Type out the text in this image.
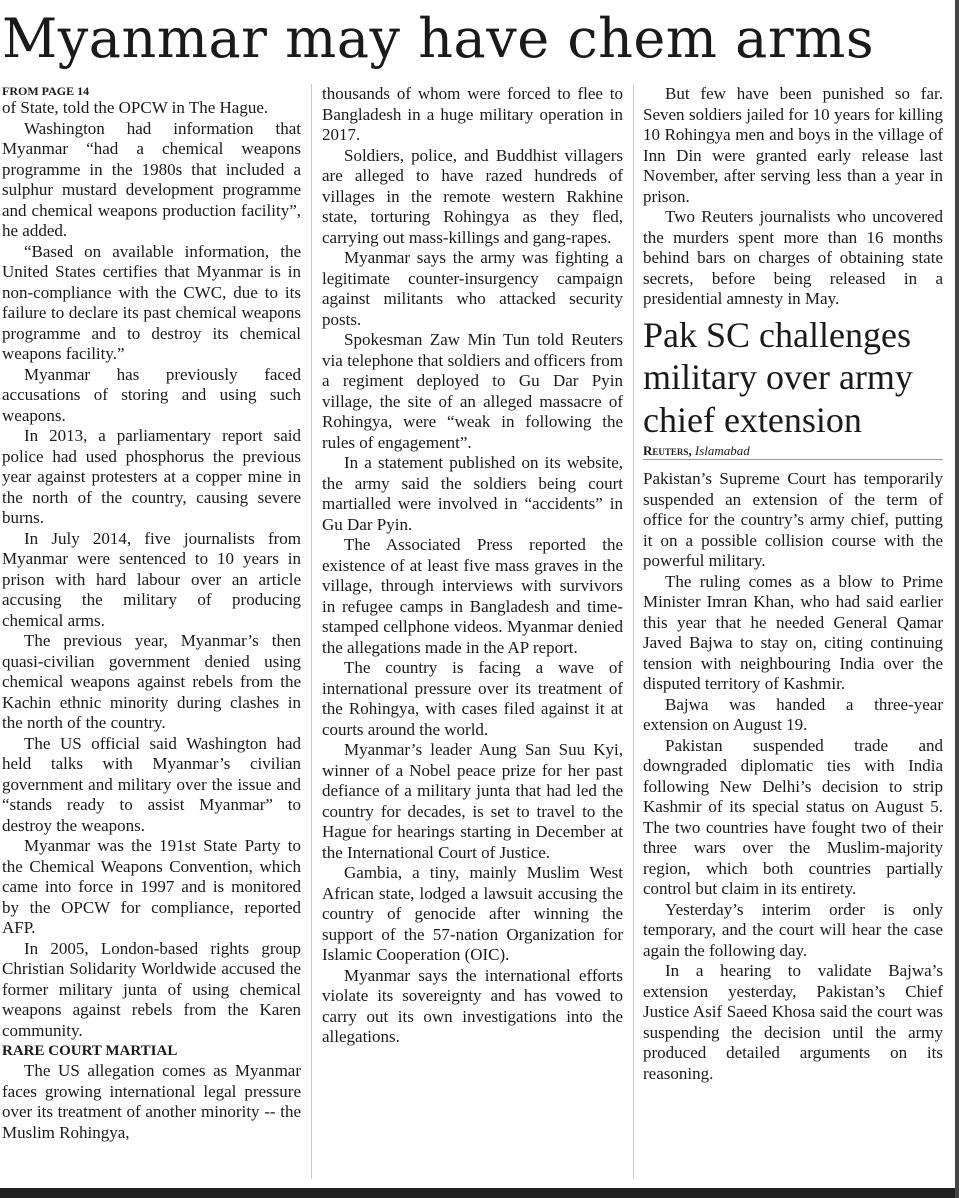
Myanmar may have chem arms

FROM PAGE 14

of State, told the OPCW in The Hague.

Washington had information that Myanmar “had a chemical weapons programme in the 1980s that included a sulphur mustard development programme and chemical weapons production facility”, he added.

“Based on available information, the United States certifies that Myanmar is in non-compliance with the CWC, due to its failure to declare its past chemical weapons programme and to destroy its chemical weapons facility.”

Myanmar has previously faced accusations of storing and using such weapons.

In 2013, a parliamentary report said police had used phosphorus the previous year against protesters at a copper mine in the north of the country, causing severe burns.

In July 2014, five journalists from Myanmar were sentenced to 10 years in prison with hard labour over an article accusing the military of producing chemical arms.

The previous year, Myanmar’s then quasi-civilian government denied using chemical weapons against rebels from the Kachin ethnic minority during clashes in the north of the country.

The US official said Washington had held talks with Myanmar’s civilian government and military over the issue and “stands ready to assist Myanmar” to destroy the weapons.

Myanmar was the 191st State Party to the Chemical Weapons Convention, which came into force in 1997 and is monitored by the OPCW for compliance, reported AFP.

In 2005, London-based rights group Christian Solidarity Worldwide accused the former military junta of using chemical weapons against rebels from the Karen community.

RARE COURT MARTIAL

The US allegation comes as Myanmar faces growing international legal pressure over its treatment of another minority -- the Muslim Rohingya,

thousands of whom were forced to flee to Bangladesh in a huge military operation in 2017.

Soldiers, police, and Buddhist villagers are alleged to have razed hundreds of villages in the remote western Rakhine state, torturing Rohingya as they fled, carrying out mass-killings and gang-rapes.

Myanmar says the army was fighting a legitimate counter-insurgency campaign against militants who attacked security posts.

Spokesman Zaw Min Tun told Reuters via telephone that soldiers and officers from a regiment deployed to Gu Dar Pyin village, the site of an alleged massacre of Rohingya, were “weak in following the rules of engagement”.

In a statement published on its website, the army said the soldiers being court martialled were involved in “accidents” in Gu Dar Pyin.

The Associated Press reported the existence of at least five mass graves in the village, through interviews with survivors in refugee camps in Bangladesh and time-stamped cellphone videos. Myanmar denied the allegations made in the AP report.

The country is facing a wave of international pressure over its treatment of the Rohingya, with cases filed against it at courts around the world.

Myanmar’s leader Aung San Suu Kyi, winner of a Nobel peace prize for her past defiance of a military junta that had led the country for decades, is set to travel to the Hague for hearings starting in December at the International Court of Justice.

Gambia, a tiny, mainly Muslim West African state, lodged a lawsuit accusing the country of genocide after winning the support of the 57-nation Organization for Islamic Cooperation (OIC).

Myanmar says the international efforts violate its sovereignty and has vowed to carry out its own investigations into the allegations.

But few have been punished so far. Seven soldiers jailed for 10 years for killing 10 Rohingya men and boys in the village of Inn Din were granted early release last November, after serving less than a year in prison.

Two Reuters journalists who uncovered the murders spent more than 16 months behind bars on charges of obtaining state secrets, before being released in a presidential amnesty in May.

Pak SC challenges military over army chief extension

Reuters, Islamabad

Pakistan’s Supreme Court has temporarily suspended an extension of the term of office for the country’s army chief, putting it on a possible collision course with the powerful military.

The ruling comes as a blow to Prime Minister Imran Khan, who had said earlier this year that he needed General Qamar Javed Bajwa to stay on, citing continuing tension with neighbouring India over the disputed territory of Kashmir.

Bajwa was handed a three-year extension on August 19.

Pakistan suspended trade and downgraded diplomatic ties with India following New Delhi’s decision to strip Kashmir of its special status on August 5. The two countries have fought two of their three wars over the Muslim-majority region, which both countries partially control but claim in its entirety.

Yesterday’s interim order is only temporary, and the court will hear the case again the following day.

In a hearing to validate Bajwa’s extension yesterday, Pakistan’s Chief Justice Asif Saeed Khosa said the court was suspending the decision until the army produced detailed arguments on its reasoning.
